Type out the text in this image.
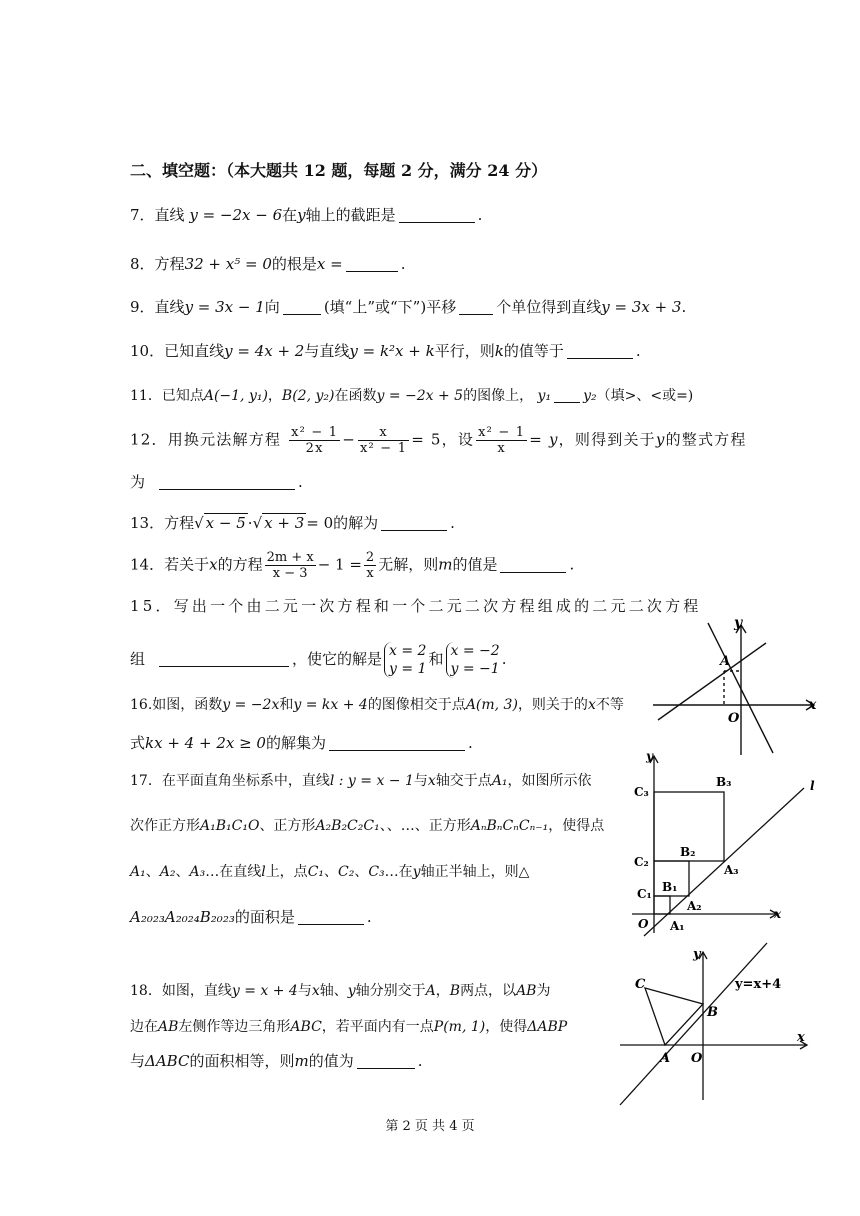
二、填空题：（本大题共 12 题，每题 2 分，满分 24 分）
7．直线 y = −2x − 6在y轴上的截距是	.
8．方程32 + x⁵ = 0的根是x =	.
9．直线y = 3x − 1向	(填“上”或“下”)平移	个单位得到直线y = 3x + 3.
10．已知直线y = 4x + 2与直线y = k²x + k平行，则k的值等于	.
11．已知点A(−1, y₁)，B(2, y₂)在函数y = −2x + 5的图像上， y₁ y₂（填>、<或=)
12．用换元法解方程 $\frac{\text{x² − 1}}{2x} - \frac{x}{\text{x² − 1}} = 5$，设 $\frac{\text{x² − 1}}{x} = y$，则得到关于y的整式方程
为	.
13．方程√ x − 5 ·√ x + 3 = 0的解为	.
14．若关于x的方程 $\frac{2m + x}{x - 3} - 1 = \frac{2}{x}$ 无解，则m的值是	.
15．写出一个由二元一次方程和一个二元二次方程组成的二元二次方程
组	，使它的解是 x = 2
y = 1
和 x = −2
y = −1
.
16.如图，函数y = −2x和y = kx + 4的图像相交于点A(m, 3)，则关于的x不等
式kx + 4 + 2x ≥ 0的解集为	.
17．在平面直角坐标系中，直线l : y = x − 1与x轴交于点A₁，如图所示依
次作正方形A₁B₁C₁O、正方形A₂B₂C₂C₁、、…、正方形AₙBₙCₙCₙ₋₁，使得点
A₁、A₂、A₃…在直线l上，点C₁、C₂、C₃…在y轴正半轴上，则△
A₂₀₂₃A₂₀₂₄B₂₀₂₃的面积是	.
18．如图，直线y = x + 4与x轴、y轴分别交于A，B两点，以AB为
边在AB左侧作等边三角形ABC，若平面内有一点P(m, 1)，使得ΔABP
与ΔABC的面积相等，则m的值为	.
y
x
A
O
y
x
l
C₃
B₃
C₂
B₂
A₃
C₁ B₁
A₂
O A₁
y
x
C
B
A O
y=x+4
第 2 页 共 4 页
